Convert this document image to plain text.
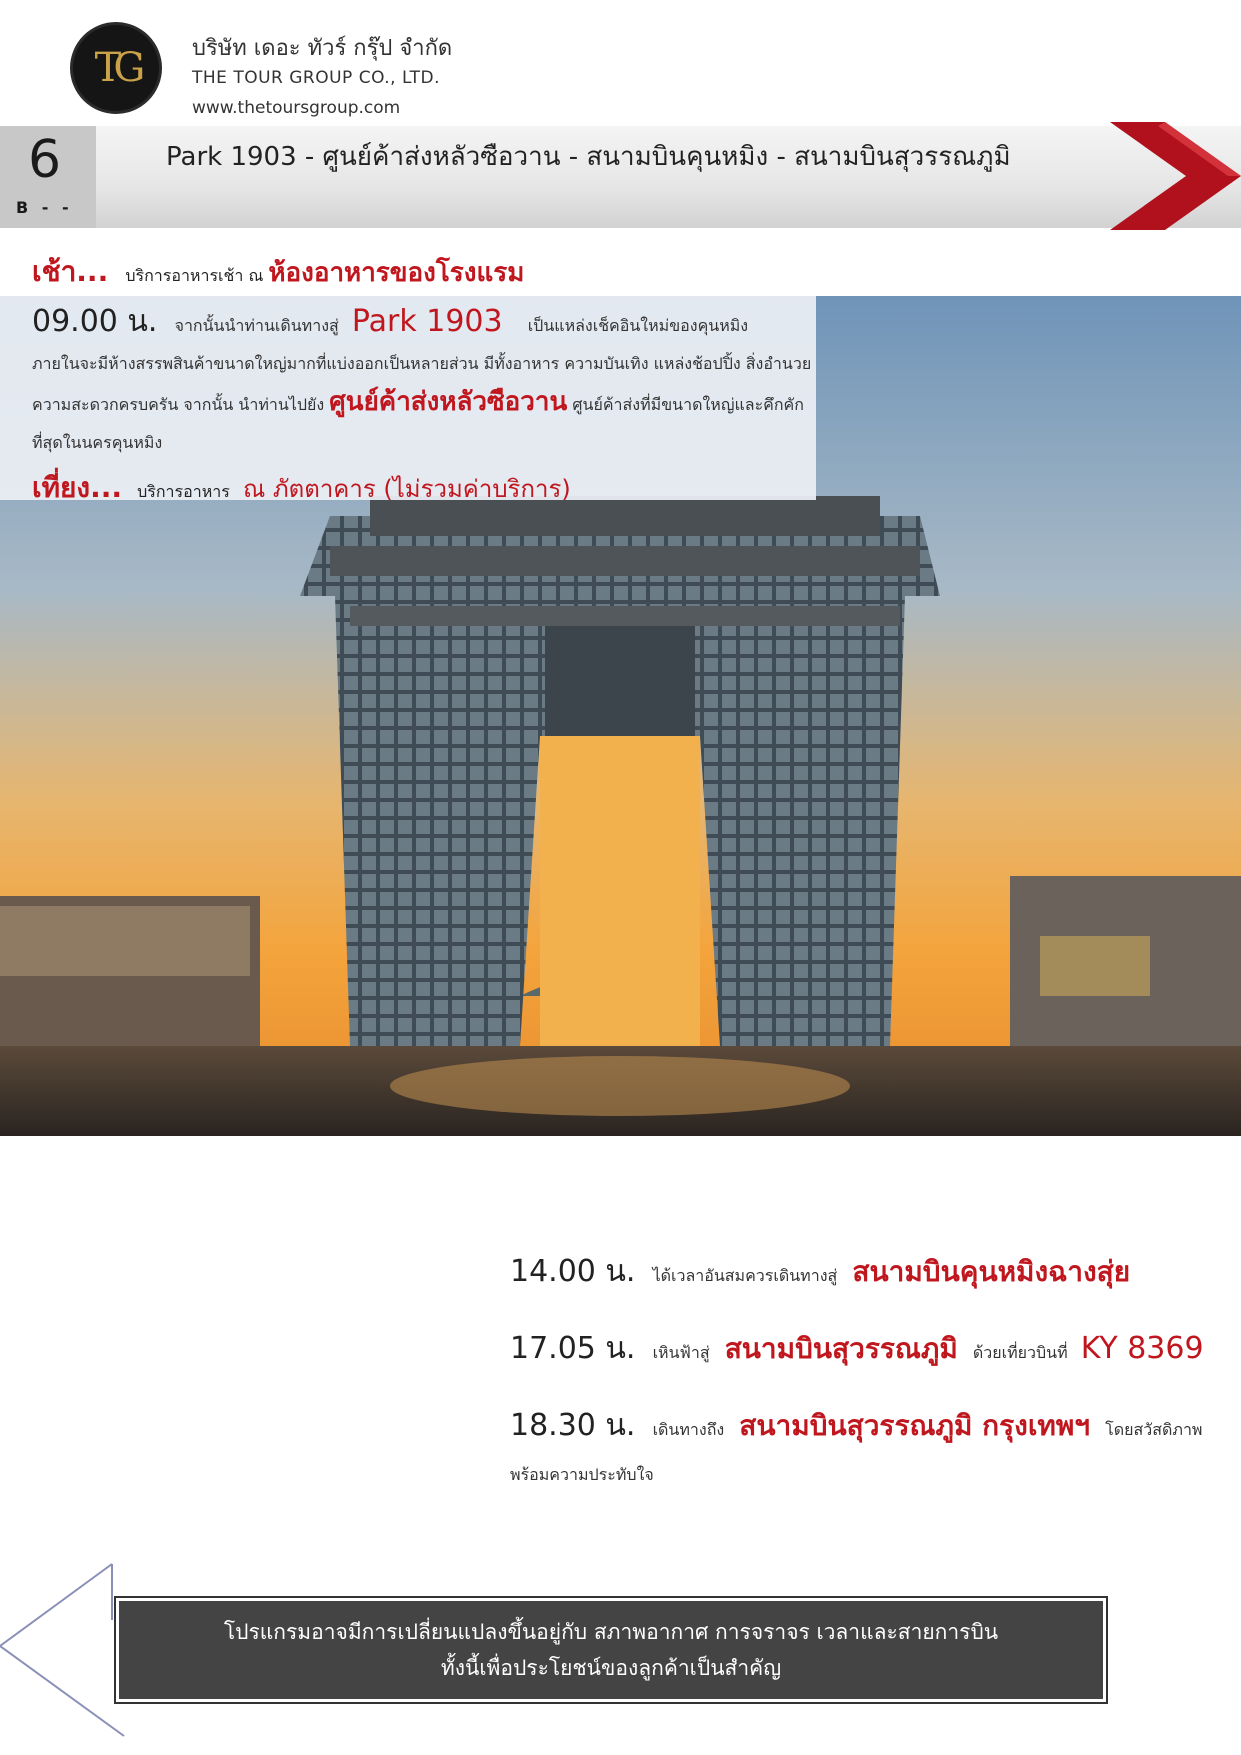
TG บริษัท เดอะ ทัวร์ กรุ๊ป จำกัด
THE TOUR GROUP CO., LTD.
www.thetoursgroup.com
6
B - -
Park 1903 - ศูนย์ค้าส่งหลัวซือวาน - สนามบินคุนหมิง - สนามบินสุวรรณภูมิ
เช้า... บริการอาหารเช้า ณ ห้องอาหารของโรงแรม
09.00 น. จากนั้นนำท่านเดินทางสู่ Park 1903 เป็นแหล่งเช็คอินใหม่ของคุนหมิง
ภายในจะมีห้างสรรพสินค้าขนาดใหญ่มากที่แบ่งออกเป็นหลายส่วน มีทั้งอาหาร ความบันเทิง แหล่งช้อปปิ้ง สิ่งอำนวยความสะดวกครบครัน จากนั้น นำท่านไปยัง ศูนย์ค้าส่งหลัวซือวาน ศูนย์ค้าส่งที่มีขนาดใหญ่และคึกคักที่สุดในนครคุนหมิง
เที่ยง... บริการอาหาร ณ ภัตตาคาร (ไม่รวมค่าบริการ)
14.00 น. ได้เวลาอันสมควรเดินทางสู่ สนามบินคุนหมิงฉางสุ่ย
17.05 น. เหินฟ้าสู่ สนามบินสุวรรณภูมิ ด้วยเที่ยวบินที่ KY 8369
18.30 น. เดินทางถึง สนามบินสุวรรณภูมิ กรุงเทพฯ โดยสวัสดิภาพ
พร้อมความประทับใจ
โปรแกรมอาจมีการเปลี่ยนแปลงขึ้นอยู่กับ สภาพอากาศ การจราจร เวลาและสายการบิน
ทั้งนี้เพื่อประโยชน์ของลูกค้าเป็นสำคัญ
